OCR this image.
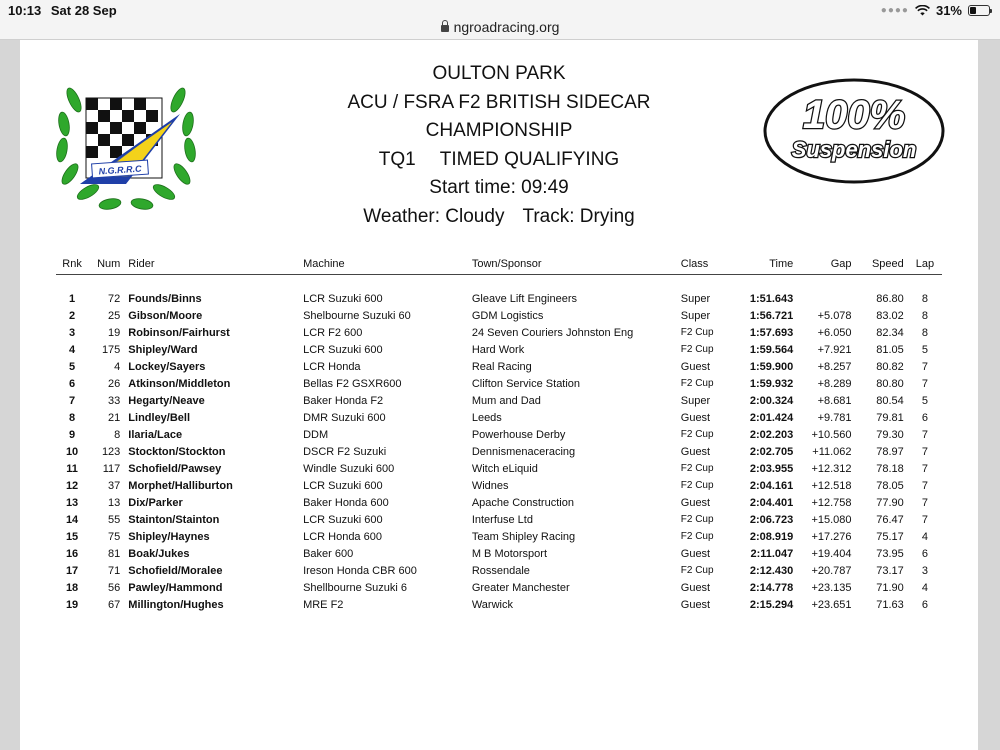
10:13 Sat 28 Sep	●●●● 31%
ngroadracing.org
N.G.R.R.C
OULTON PARK
ACU / FSRA F2 BRITISH SIDECAR
CHAMPIONSHIP
TQ1 TIMED QUALIFYING
Start time: 09:49
Weather: Cloudy Track: Drying
100%
Suspension
Rnk	Num	Rider	Machine	Town/Sponsor	Class	Time	Gap	Speed	Lap
1	72	Founds/Binns	LCR Suzuki 600	Gleave Lift Engineers	Super	1:51.643		86.80	8
2	25	Gibson/Moore	Shelbourne Suzuki 60	GDM Logistics	Super	1:56.721	+5.078	83.02	8
3	19	Robinson/Fairhurst	LCR F2 600	24 Seven Couriers Johnston Eng	F2 Cup	1:57.693	+6.050	82.34	8
4	175	Shipley/Ward	LCR Suzuki 600	Hard Work	F2 Cup	1:59.564	+7.921	81.05	5
5	4	Lockey/Sayers	LCR Honda	Real Racing	Guest	1:59.900	+8.257	80.82	7
6	26	Atkinson/Middleton	Bellas F2 GSXR600	Clifton Service Station	F2 Cup	1:59.932	+8.289	80.80	7
7	33	Hegarty/Neave	Baker Honda F2	Mum and Dad	Super	2:00.324	+8.681	80.54	5
8	21	Lindley/Bell	DMR Suzuki 600	Leeds	Guest	2:01.424	+9.781	79.81	6
9	8	Ilaria/Lace	DDM	Powerhouse Derby	F2 Cup	2:02.203	+10.560	79.30	7
10	123	Stockton/Stockton	DSCR F2 Suzuki	Dennismenaceracing	Guest	2:02.705	+11.062	78.97	7
11	117	Schofield/Pawsey	Windle Suzuki 600	Witch eLiquid	F2 Cup	2:03.955	+12.312	78.18	7
12	37	Morphet/Halliburton	LCR Suzuki 600	Widnes	F2 Cup	2:04.161	+12.518	78.05	7
13	13	Dix/Parker	Baker Honda 600	Apache Construction	Guest	2:04.401	+12.758	77.90	7
14	55	Stainton/Stainton	LCR Suzuki 600	Interfuse Ltd	F2 Cup	2:06.723	+15.080	76.47	7
15	75	Shipley/Haynes	LCR Honda 600	Team Shipley Racing	F2 Cup	2:08.919	+17.276	75.17	4
16	81	Boak/Jukes	Baker 600	M B Motorsport	Guest	2:11.047	+19.404	73.95	6
17	71	Schofield/Moralee	Ireson Honda CBR 600	Rossendale	F2 Cup	2:12.430	+20.787	73.17	3
18	56	Pawley/Hammond	Shellbourne Suzuki 6	Greater Manchester	Guest	2:14.778	+23.135	71.90	4
19	67	Millington/Hughes	MRE F2	Warwick	Guest	2:15.294	+23.651	71.63	6
